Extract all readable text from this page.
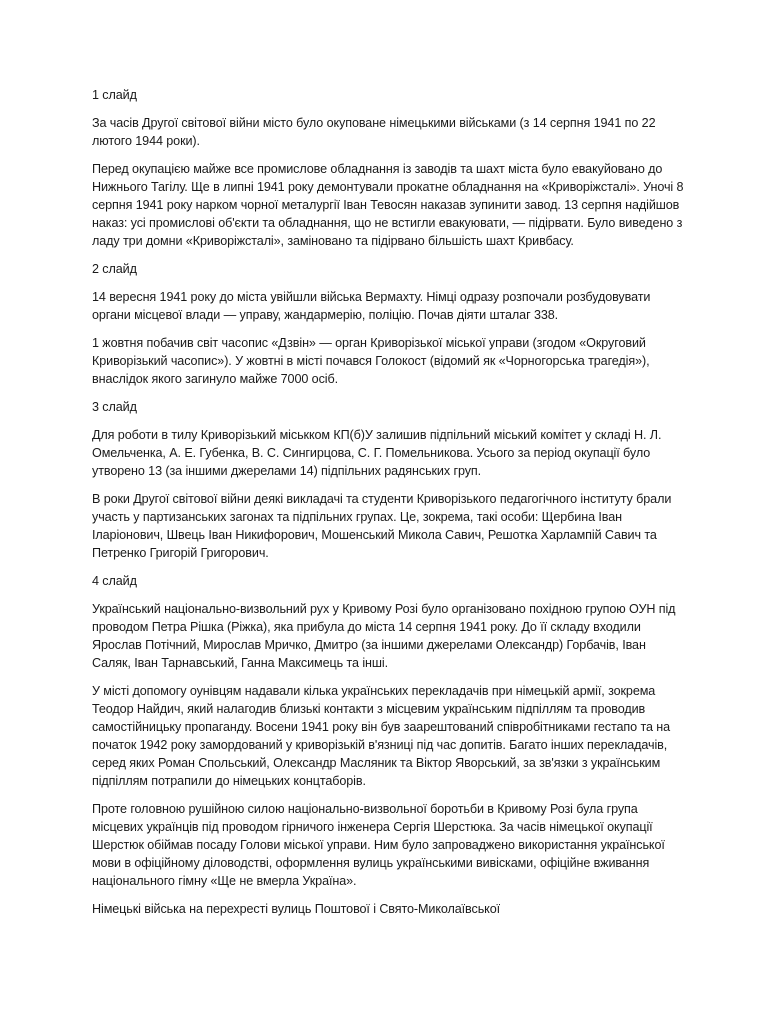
1 слайд

За часів Другої світової війни місто було окуповане німецькими військами (з 14 серпня 1941 по 22 лютого 1944 роки).

Перед окупацією майже все промислове обладнання із заводів та шахт міста було евакуйовано до Нижнього Тагілу. Ще в липні 1941 року демонтували прокатне обладнання на «Криворіжсталі». Уночі 8 серпня 1941 року нарком чорної металургії Іван Тевосян наказав зупинити завод. 13 серпня надійшов наказ: усі промислові об'єкти та обладнання, що не встигли евакуювати, — підірвати. Було виведено з ладу три домни «Криворіжсталі», заміновано та підірвано більшість шахт Кривбасу.

2 слайд

14 вересня 1941 року до міста увійшли війська Вермахту. Німці одразу розпочали розбудовувати органи місцевої влади — управу, жандармерію, поліцію. Почав діяти шталаг 338.

1 жовтня побачив світ часопис «Дзвін» — орган Криворізької міської управи (згодом «Округовий Криворізький часопис»). У жовтні в місті почався Голокост (відомий як «Чорногорська трагедія»), внаслідок якого загинуло майже 7000 осіб.

3 слайд

Для роботи в тилу Криворізький міськком КП(б)У залишив підпільний міський комітет у складі Н. Л. Омельченка, А. Е. Губенка, В. С. Сингирцова, С. Г. Помельникова. Усього за період окупації було утворено 13 (за іншими джерелами 14) підпільних радянських груп.

В роки Другої світової війни деякі викладачі та студенти Криворізького педагогічного інституту брали участь у партизанських загонах та підпільних групах. Це, зокрема, такі особи: Щербина Іван Іларіонович, Швець Іван Никифорович, Мошенський Микола Савич, Решотка Харлампій Савич та Петренко Григорій Григорович.

4 слайд

Український національно-визвольний рух у Кривому Розі було організовано похідною групою ОУН під проводом Петра Рішка (Ріжка), яка прибула до міста 14 серпня 1941 року. До її складу входили Ярослав Потічний, Мирослав Мричко, Дмитро (за іншими джерелами Олександр) Горбачів, Іван Саляк, Іван Тарнавський, Ганна Максимець та інші.

У місті допомогу оунівцям надавали кілька українських перекладачів при німецькій армії, зокрема Теодор Найдич, який налагодив близькі контакти з місцевим українським підпіллям та проводив самостійницьку пропаганду. Восени 1941 року він був заарештований співробітниками гестапо та на початок 1942 року замордований у криворізькій в'язниці під час допитів. Багато інших перекладачів, серед яких Роман Спольський, Олександр Масляник та Віктор Яворський, за зв'язки з українським підпіллям потрапили до німецьких концтаборів.

Проте головною рушійною силою національно-визвольної боротьби в Кривому Розі була група місцевих українців під проводом гірничого інженера Сергія Шерстюка. За часів німецької окупації Шерстюк обіймав посаду Голови міської управи. Ним було запроваджено використання української мови в офіційному діловодстві, оформлення вулиць українськими вивісками, офіційне вживання національного гімну «Ще не вмерла Україна».

Німецькі війська на перехресті вулиць Поштової і Свято-Миколаївської
